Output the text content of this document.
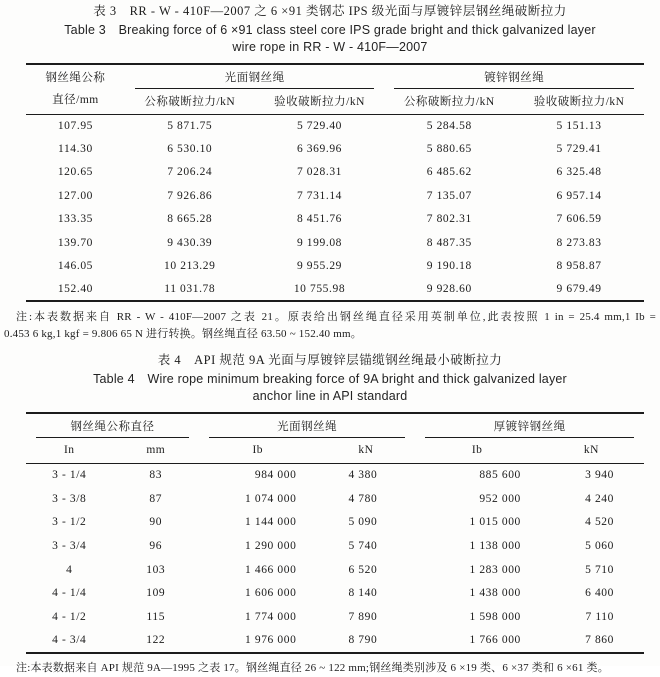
表 3　RR - W - 410F—2007 之 6 ×91 类钢芯 IPS 级光面与厚镀锌层钢丝绳破断拉力
Table 3　Breaking force of 6 ×91 class steel core IPS grade bright and thick galvanized layer
wire rope in RR - W - 410F—2007
钢丝绳公称
直径/mm	光面钢丝绳		镀锌钢丝绳	
	公称破断拉力/kN	验收破断拉力/kN	公称破断拉力/kN	验收破断拉力/kN
107.95	5 871.75	5 729.40	5 284.58	5 151.13
114.30	6 530.10	6 369.96	5 880.65	5 729.41
120.65	7 206.24	7 028.31	6 485.62	6 325.48
127.00	7 926.86	7 731.14	7 135.07	6 957.14
133.35	8 665.28	8 451.76	7 802.31	7 606.59
139.70	9 430.39	9 199.08	8 487.35	8 273.83
146.05	10 213.29	9 955.29	9 190.18	8 958.87
152.40	11 031.78	10 755.98	9 928.60	9 679.49
注:本表数据来自 RR - W - 410F—2007 之表 21。原表给出钢丝绳直径采用英制单位,此表按照 1 in = 25.4 mm,1 Ib =
0.453 6 kg,1 kgf = 9.806 65 N 进行转换。钢丝绳直径 63.50 ~ 152.40 mm。
表 4　API 规范 9A 光面与厚镀锌层锚缆钢丝绳最小破断拉力
Table 4　Wire rope minimum breaking force of 9A bright and thick galvanized layer
anchor line in API standard
钢丝绳公称直径		光面钢丝绳		厚镀锌钢丝绳	
In	mm	Ib	kN	Ib	kN
3 - 1/4	83	984 000	4 380	885 600	3 940
3 - 3/8	87	1 074 000	4 780	952 000	4 240
3 - 1/2	90	1 144 000	5 090	1 015 000	4 520
3 - 3/4	96	1 290 000	5 740	1 138 000	5 060
4	103	1 466 000	6 520	1 283 000	5 710
4 - 1/4	109	1 606 000	8 140	1 438 000	6 400
4 - 1/2	115	1 774 000	7 890	1 598 000	7 110
4 - 3/4	122	1 976 000	8 790	1 766 000	7 860
注:本表数据来自 API 规范 9A—1995 之表 17。钢丝绳直径 26 ~ 122 mm;钢丝绳类别涉及 6 ×19 类、6 ×37 类和 6 ×61 类。
